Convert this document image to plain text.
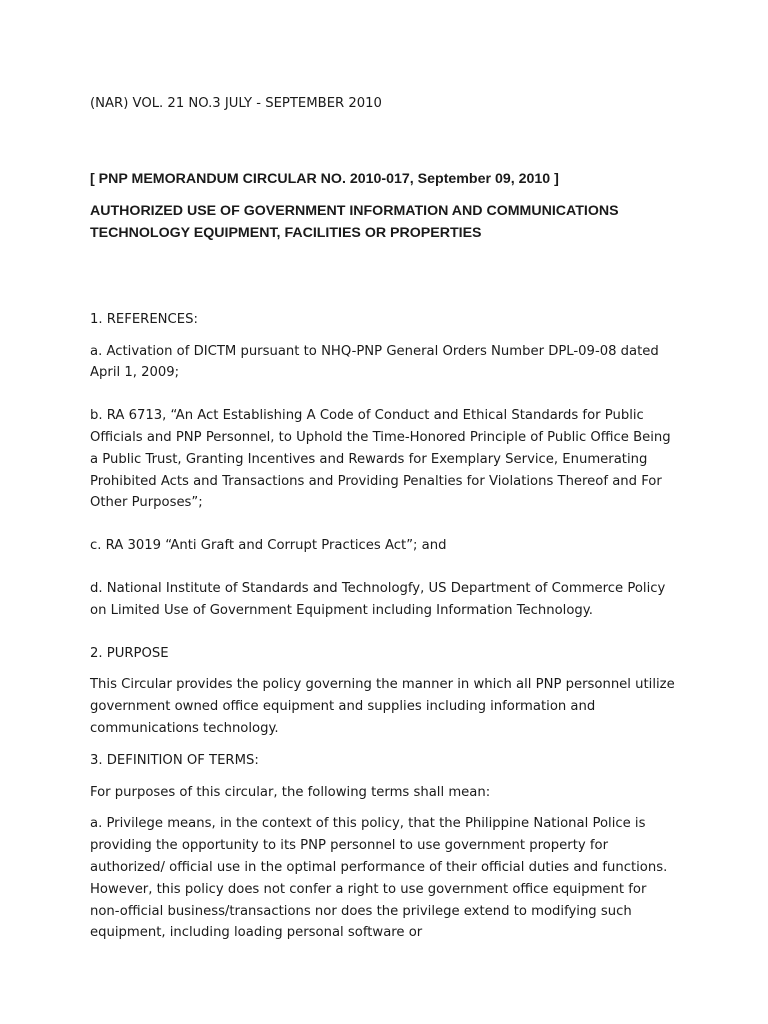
(NAR) VOL. 21 NO.3 JULY - SEPTEMBER 2010

[ PNP MEMORANDUM CIRCULAR NO. 2010-017, September 09, 2010 ]

AUTHORIZED USE OF GOVERNMENT INFORMATION AND COMMUNICATIONS TECHNOLOGY EQUIPMENT, FACILITIES OR PROPERTIES

1. REFERENCES:

a. Activation of DICTM pursuant to NHQ-PNP General Orders Number DPL-09-08 dated April 1, 2009;

b. RA 6713, “An Act Establishing A Code of Conduct and Ethical Standards for Public Officials and PNP Personnel, to Uphold the Time-Honored Principle of Public Office Being a Public Trust, Granting Incentives and Rewards for Exemplary Service, Enumerating Prohibited Acts and Transactions and Providing Penalties for Violations Thereof and For Other Purposes”;

c. RA 3019 “Anti Graft and Corrupt Practices Act”; and

d. National Institute of Standards and Technologfy, US Department of Commerce Policy on Limited Use of Government Equipment including Information Technology.

2. PURPOSE

This Circular provides the policy governing the manner in which all PNP personnel utilize government owned office equipment and supplies including information and communications technology.

3. DEFINITION OF TERMS:

For purposes of this circular, the following terms shall mean:

a. Privilege means, in the context of this policy, that the Philippine National Police is providing the opportunity to its PNP personnel to use government property for authorized/ official use in the optimal performance of their official duties and functions. However, this policy does not confer a right to use government office equipment for non-official business/transactions nor does the privilege extend to modifying such equipment, including loading personal software or
